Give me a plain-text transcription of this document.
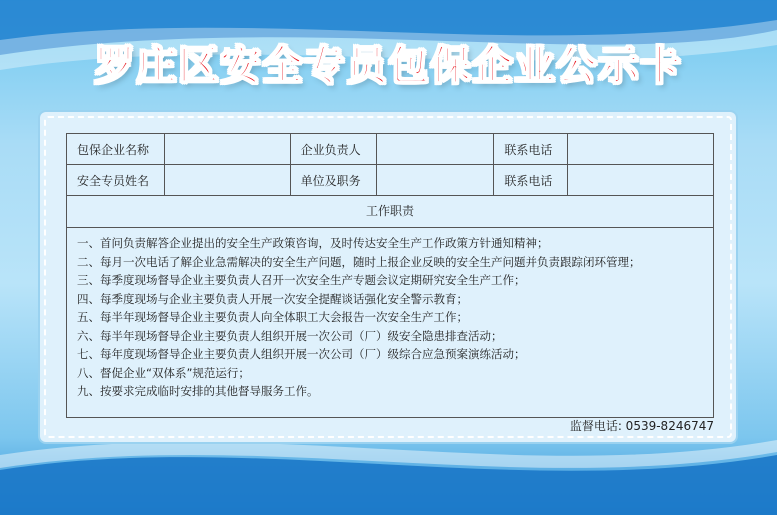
罗庄区安全专员包保企业公示卡
包保企业名称		企业负责人		联系电话	
安全专员姓名		单位及职务		联系电话	
工作职责
一、首问负责解答企业提出的安全生产政策咨询，及时传达安全生产工作政策方针通知精神；
二、每月一次电话了解企业急需解决的安全生产问题，随时上报企业反映的安全生产问题并负责跟踪闭环管理；
三、每季度现场督导企业主要负责人召开一次安全生产专题会议定期研究安全生产工作；
四、每季度现场与企业主要负责人开展一次安全提醒谈话强化安全警示教育；
五、每半年现场督导企业主要负责人向全体职工大会报告一次安全生产工作；
六、每半年现场督导企业主要负责人组织开展一次公司（厂）级安全隐患排查活动；
七、每年度现场督导企业主要负责人组织开展一次公司（厂）级综合应急预案演练活动；
八、督促企业“双体系”规范运行；
九、按要求完成临时安排的其他督导服务工作。
监督电话: 0539-8246747
